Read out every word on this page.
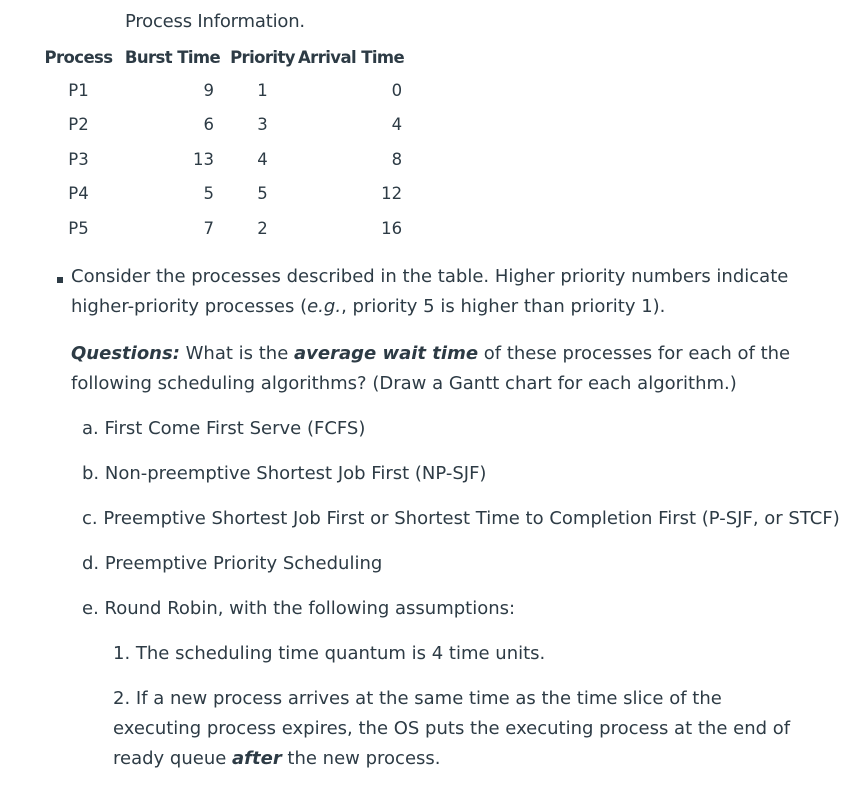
Process Information.
Process	Burst Time	Priority	Arrival Time
P1	9	1	0
P2	6	3	4
P3	13	4	8
P4	5	5	12
P5	7	2	16

Consider the processes described in the table. Higher priority numbers indicate higher-priority processes (e.g., priority 5 is higher than priority 1).

Questions: What is the average wait time of these processes for each of the following scheduling algorithms? (Draw a Gantt chart for each algorithm.)

a. First Come First Serve (FCFS)

b. Non-preemptive Shortest Job First (NP-SJF)

c. Preemptive Shortest Job First or Shortest Time to Completion First (P-SJF, or STCF)

d. Preemptive Priority Scheduling

e. Round Robin, with the following assumptions:

1. The scheduling time quantum is 4 time units.

2. If a new process arrives at the same time as the time slice of the executing process expires, the OS puts the executing process at the end of ready queue after the new process.
